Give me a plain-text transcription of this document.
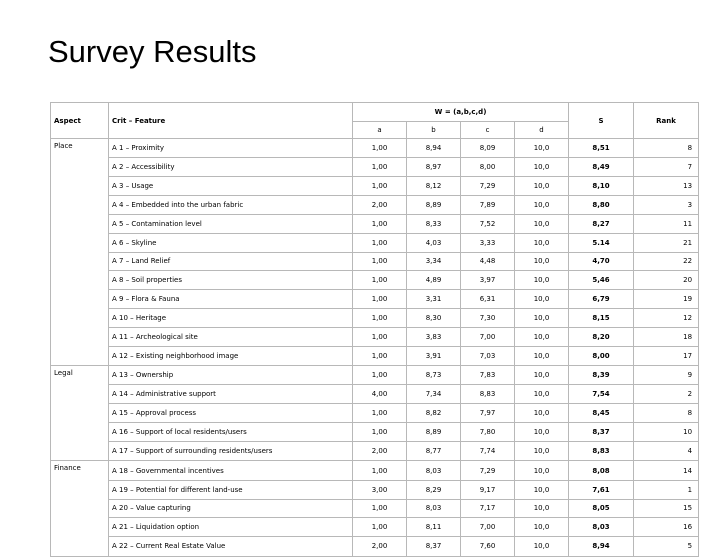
Survey Results
Aspect	Crit – Feature	W = (a,b,c,d)				S	Rank
		a	b	c	d		
Place	A 1 – Proximity	1,00	8,94	8,09	10,0	8,51	8
	A 2 – Accessibility	1,00	8,97	8,00	10,0	8,49	7
	A 3 – Usage	1,00	8,12	7,29	10,0	8,10	13
	A 4 – Embedded into the urban fabric	2,00	8,89	7,89	10,0	8,80	3
	A 5 – Contamination level	1,00	8,33	7,52	10,0	8,27	11
	A 6 – Skyline	1,00	4,03	3,33	10,0	5.14	21
	A 7 – Land Relief	1,00	3,34	4,48	10,0	4,70	22
	A 8 – Soil properties	1,00	4,89	3,97	10,0	5,46	20
	A 9 – Flora & Fauna	1,00	3,31	6,31	10,0	6,79	19
	A 10 – Heritage	1,00	8,30	7,30	10,0	8,15	12
	A 11 – Archeological site	1,00	3,83	7,00	10,0	8,20	18
	A 12 – Existing neighborhood image	1,00	3,91	7,03	10,0	8,00	17
Legal	A 13 – Ownership	1,00	8,73	7,83	10,0	8,39	9
	A 14 – Administrative support	4,00	7,34	8,83	10,0	7,54	2
	A 15 – Approval process	1,00	8,82	7,97	10,0	8,45	8
	A 16 – Support of local residents/users	1,00	8,89	7,80	10,0	8,37	10
	A 17 – Support of surrounding residents/users	2,00	8,77	7,74	10,0	8,83	4
Finance	A 18 – Governmental incentives	1,00	8,03	7,29	10,0	8,08	14
	A 19 – Potential for different land-use	3,00	8,29	9,17	10,0	7,61	1
	A 20 – Value capturing	1,00	8,03	7,17	10,0	8,05	15
	A 21 – Liquidation option	1,00	8,11	7,00	10,0	8,03	16
	A 22 – Current Real Estate Value	2,00	8,37	7,60	10,0	8,94	5
